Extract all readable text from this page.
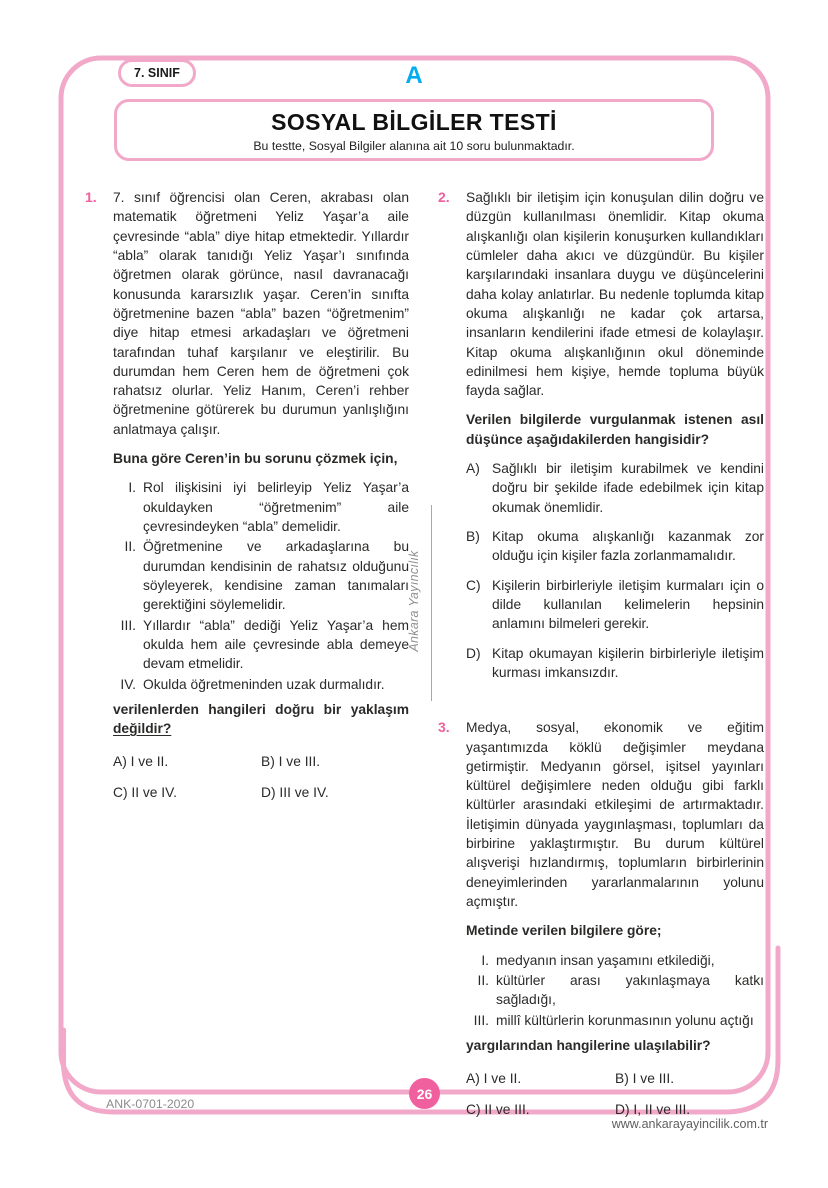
7. SINIF	A
SOSYAL BİLGİLER TESTİ
Bu testte, Sosyal Bilgiler alanına ait 10 soru bulunmaktadır.
1.	7. sınıf öğrencisi olan Ceren, akrabası olan matematik öğretmeni Yeliz Yaşar’a aile çevresinde “abla” diye hitap etmektedir. Yıllardır “abla” olarak tanıdığı Yeliz Yaşar’ı sınıfında öğretmen olarak görünce, nasıl davranacağı konusunda kararsızlık yaşar. Ceren’in sınıfta öğretmenine bazen “abla” bazen “öğretmenim” diye hitap etmesi arkadaşları ve öğretmeni tarafından tuhaf karşılanır ve eleştirilir. Bu durumdan hem Ceren hem de öğretmeni çok rahatsız olurlar. Yeliz Hanım, Ceren’i rehber öğretmenine götürerek bu durumun yanlışlığını anlatmaya çalışır.

Buna göre Ceren’in bu sorunu çözmek için,

I. Rol ilişkisini iyi belirleyip Yeliz Yaşar’a okuldayken “öğretmenim” aile çevresindeyken “abla” demelidir.
II. Öğretmenine ve arkadaşlarına bu durumdan kendisinin de rahatsız olduğunu söyleyerek, kendisine zaman tanımaları gerektiğini söylemelidir.
III. Yıllardır “abla” dediği Yeliz Yaşar’a hem okulda hem aile çevresinde abla demeye devam etmelidir.
IV. Okulda öğretmeninden uzak durmalıdır.

verilenlerden hangileri doğru bir yaklaşım değildir?

A) I ve II.	B) I ve III.
C) II ve IV.	D) III ve IV.
Ankara Yayıncılık
2.	Sağlıklı bir iletişim için konuşulan dilin doğru ve düzgün kullanılması önemlidir. Kitap okuma alışkanlığı olan kişilerin konuşurken kullandıkları cümleler daha akıcı ve düzgündür. Bu kişiler karşılarındaki insanlara duygu ve düşüncelerini daha kolay anlatırlar. Bu nedenle toplumda kitap okuma alışkanlığı ne kadar çok artarsa, insanların kendilerini ifade etmesi de kolaylaşır. Kitap okuma alışkanlığının okul döneminde edinilmesi hem kişiye, hemde topluma büyük fayda sağlar.

Verilen bilgilerde vurgulanmak istenen asıl düşünce aşağıdakilerden hangisidir?

A) Sağlıklı bir iletişim kurabilmek ve kendini doğru bir şekilde ifade edebilmek için kitap okumak önemlidir.
B) Kitap okuma alışkanlığı kazanmak zor olduğu için kişiler fazla zorlanmamalıdır.
C) Kişilerin birbirleriyle iletişim kurmaları için o dilde kullanılan kelimelerin hepsinin anlamını bilmeleri gerekir.
D) Kitap okumayan kişilerin birbirleriyle iletişim kurması imkansızdır.
3.	Medya, sosyal, ekonomik ve eğitim yaşantımızda köklü değişimler meydana getirmiştir. Medyanın görsel, işitsel yayınları kültürel değişimlere neden olduğu gibi farklı kültürler arasındaki etkileşimi de artırmaktadır. İletişimin dünyada yaygınlaşması, toplumları da birbirine yaklaştırmıştır. Bu durum kültürel alışverişi hızlandırmış, toplumların birbirlerinin deneyimlerinden yararlanmalarının yolunu açmıştır.

Metinde verilen bilgilere göre;

I. medyanın insan yaşamını etkilediği,
II. kültürler arası yakınlaşmaya katkı sağladığı,
III. millî kültürlerin korunmasının yolunu açtığı

yargılarından hangilerine ulaşılabilir?

A) I ve II.	B) I ve III.
C) II ve III.	D) I, II ve III.
ANK-0701-2020
26
www.ankarayayincilik.com.tr
